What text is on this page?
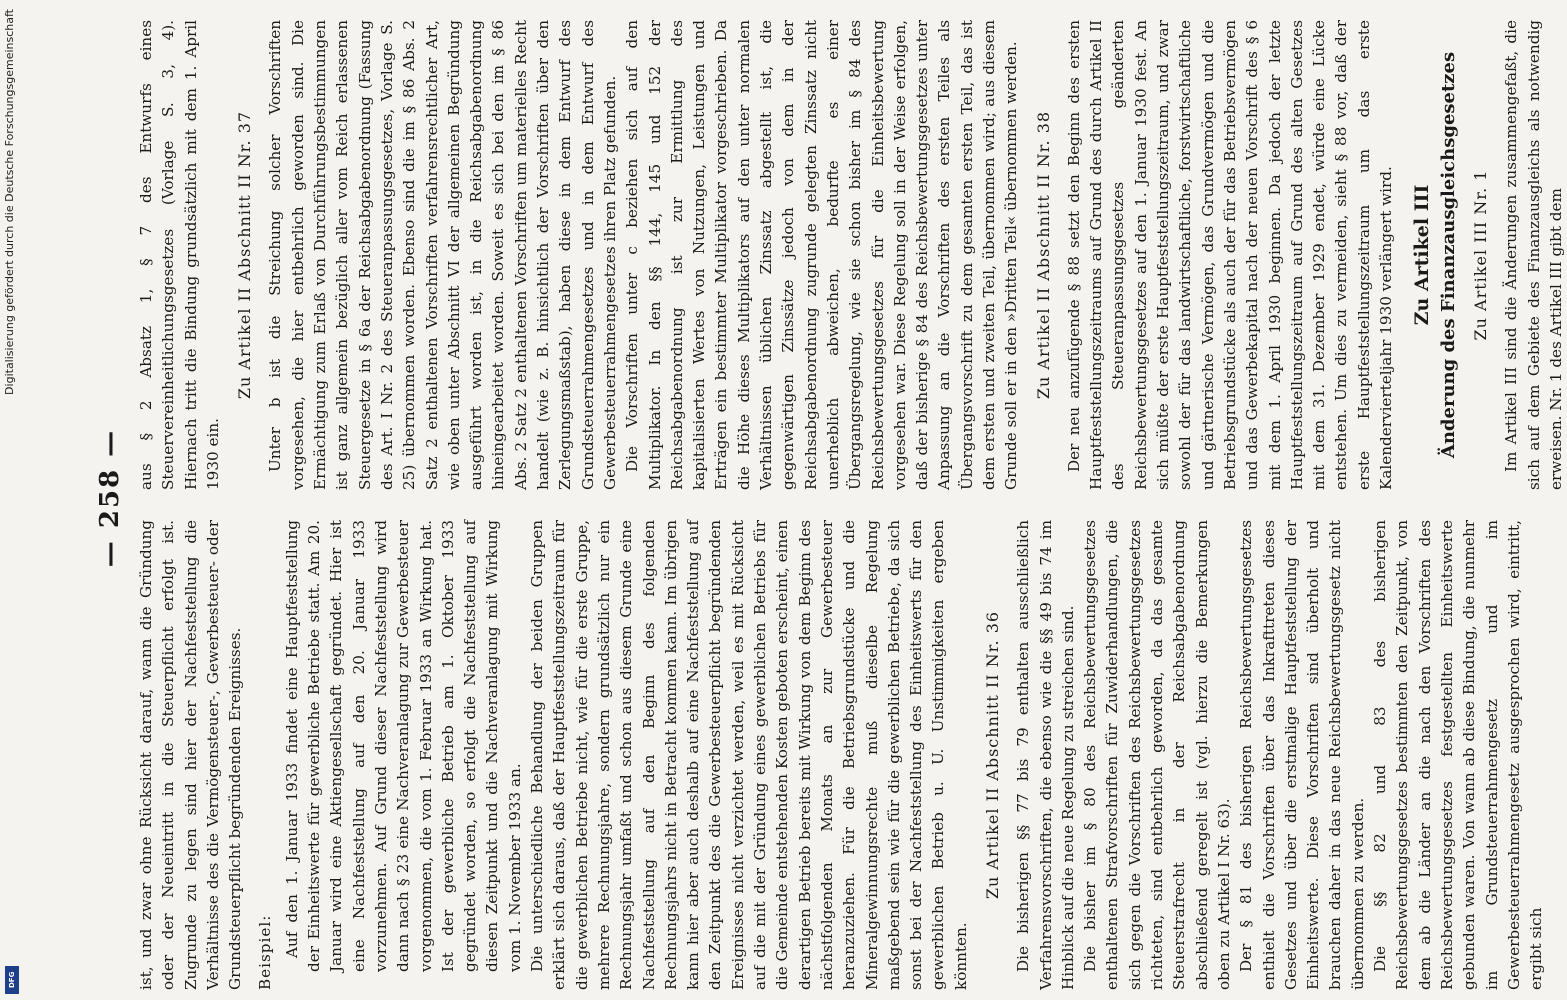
Digitalisierung gefördert durch die Deutsche Forschungsgemeinschaft
DFG
— 258 —

ist, und zwar ohne Rücksicht darauf, wann die Gründung oder der Neueintritt in die Steuerpflicht erfolgt ist. Zugrunde zu legen sind hier der Nachfeststellung die Verhältnisse des die Vermögensteuer-, Gewerbesteuer- oder Grundsteuerpflicht begründenden Ereignisses. Beispiel: Auf den 1. Januar 1933 findet eine Hauptfeststellung der Einheitswerte für gewerbliche Betriebe statt. Am 20. Januar wird eine Aktiengesellschaft gegründet. Hier ist eine Nachfeststellung auf den 20. Januar 1933 vorzunehmen. Auf Grund dieser Nachfeststellung wird dann nach § 23 eine Nachveranlagung zur Gewerbesteuer vorgenommen, die vom 1. Februar 1933 an Wirkung hat. Ist der gewerbliche Betrieb am 1. Oktober 1933 gegründet worden, so erfolgt die Nachfeststellung auf diesen Zeitpunkt und die Nachveranlagung mit Wirkung vom 1. November 1933 an. Die unterschiedliche Behandlung der beiden Gruppen erklärt sich daraus, daß der Hauptfeststellungszeitraum für die gewerblichen Betriebe nicht, wie für die erste Gruppe, mehrere Rechnungsjahre, sondern grundsätzlich nur ein Rechnungsjahr umfaßt und schon aus diesem Grunde eine Nachfeststellung auf den Beginn des folgenden Rechnungsjahrs nicht in Betracht kommen kann. Im übrigen kann hier aber auch deshalb auf eine Nachfeststellung auf den Zeitpunkt des die Gewerbesteuerpflicht begründenden Ereignisses nicht verzichtet werden, weil es mit Rücksicht auf die mit der Gründung eines gewerblichen Betriebs für die Gemeinde entstehenden Kosten geboten erscheint, einen derartigen Betrieb bereits mit Wirkung von dem Beginn des nächstfolgenden Monats an zur Gewerbesteuer heranzuziehen. Für die Betriebsgrundstücke und die Mineralgewinnungsrechte muß dieselbe Regelung maßgebend sein wie für die gewerblichen Betriebe, da sich sonst bei der Nachfeststellung des Einheitswerts für den gewerblichen Betrieb u. U. Unstimmigkeiten ergeben könnten.

Zu Artikel II Abschnitt II Nr. 36 Die bisherigen §§ 77 bis 79 enthalten ausschließlich Verfahrensvorschriften, die ebenso wie die §§ 49 bis 74 im Hinblick auf die neue Regelung zu streichen sind. Die bisher im § 80 des Reichsbewertungsgesetzes enthaltenen Strafvorschriften für Zuwiderhandlungen, die sich gegen die Vorschriften des Reichsbewertungsgesetzes richteten, sind entbehrlich geworden, da das gesamte Steuerstrafrecht in der Reichsabgabenordnung abschließend geregelt ist (vgl. hierzu die Bemerkungen oben zu Artikel I Nr. 63). Der § 81 des bisherigen Reichsbewertungsgesetzes enthielt die Vorschriften über das Inkrafttreten dieses Gesetzes und über die erstmalige Hauptfeststellung der Einheitswerte. Diese Vorschriften sind überholt und brauchen daher in das neue Reichsbewertungsgesetz nicht übernommen zu werden. Die §§ 82 und 83 des bisherigen Reichsbewertungsgesetzes bestimmten den Zeitpunkt, von dem ab die Länder an die nach den Vorschriften des Reichsbewertungsgesetzes festgestellten Einheitswerte gebunden waren. Von wann ab diese Bindung, die nunmehr im Grundsteuerrahmengesetz und im Gewerbesteuerrahmengesetz ausgesprochen wird, eintritt, ergibt sich

aus § 2 Absatz 1, § 7 des Entwurfs eines Steuervereinheitlichungsgesetzes (Vorlage S. 3, 4). Hiernach tritt die Bindung grundsätzlich mit dem 1. April 1930 ein.

Zu Artikel II Abschnitt II Nr. 37 Unter b ist die Streichung solcher Vorschriften vorgesehen, die hier entbehrlich geworden sind. Die Ermächtigung zum Erlaß von Durchführungsbestimmungen ist ganz allgemein bezüglich aller vom Reich erlassenen Steuergesetze in § 6a der Reichsabgabenordnung (Fassung des Art. I Nr. 2 des Steueranpassungsgesetzes, Vorlage S. 25) übernommen worden. Ebenso sind die im § 86 Abs. 2 Satz 2 enthaltenen Vorschriften verfahrensrechtlicher Art, wie oben unter Abschnitt VI der allgemeinen Begründung ausgeführt worden ist, in die Reichsabgabenordnung hineingearbeitet worden. Soweit es sich bei den im § 86 Abs. 2 Satz 2 enthaltenen Vorschriften um materielles Recht handelt (wie z. B. hinsichtlich der Vorschriften über den Zerlegungsmaßstab), haben diese in dem Entwurf des Grundsteuerrahmengesetzes und in dem Entwurf des Gewerbesteuerrahmengesetzes ihren Platz gefunden. Die Vorschriften unter c beziehen sich auf den Multiplikator. In den §§ 144, 145 und 152 der Reichsabgabenordnung ist zur Ermittlung des kapitalisierten Wertes von Nutzungen, Leistungen und Erträgen ein bestimmter Multiplikator vorgeschrieben. Da die Höhe dieses Multiplikators auf den unter normalen Verhältnissen üblichen Zinssatz abgestellt ist, die gegenwärtigen Zinssätze jedoch von dem in der Reichsabgabenordnung zugrunde gelegten Zinssatz nicht unerheblich abweichen, bedurfte es einer Übergangsregelung, wie sie schon bisher im § 84 des Reichsbewertungsgesetzes für die Einheitsbewertung vorgesehen war. Diese Regelung soll in der Weise erfolgen, daß der bisherige § 84 des Reichsbewertungsgesetzes unter Anpassung an die Vorschriften des ersten Teiles als Übergangsvorschrift zu dem gesamten ersten Teil, das ist dem ersten und zweiten Teil, übernommen wird; aus diesem Grunde soll er in den »Dritten Teil« übernommen werden. Zu Artikel II Abschnitt II Nr. 38 Der neu anzufügende § 88 setzt den Beginn des ersten Hauptfeststellungszeitraums auf Grund des durch Artikel II des Steueranpassungsgesetzes geänderten Reichsbewertungsgesetzes auf den 1. Januar 1930 fest. An sich müßte der erste Hauptfeststellungszeitraum, und zwar sowohl der für das landwirtschaftliche, forstwirtschaftliche und gärtnerische Vermögen, das Grundvermögen und die Betriebsgrundstücke als auch der für das Betriebsvermögen und das Gewerbekapital nach der neuen Vorschrift des § 6 mit dem 1. April 1930 beginnen. Da jedoch der letzte Hauptfeststellungszeitraum auf Grund des alten Gesetzes mit dem 31. Dezember 1929 endet, würde eine Lücke entstehen. Um dies zu vermeiden, sieht § 88 vor, daß der erste Hauptfeststellungszeitraum um das erste Kalendervierteljahr 1930 verlängert wird. Zu Artikel III Änderung des Finanzausgleichsgesetzes Zu Artikel III Nr. 1 Im Artikel III sind die Änderungen zusammengefaßt, die sich auf dem Gebiete des Finanzausgleichs als notwendig erweisen. Nr. 1 des Artikel III gibt dem
